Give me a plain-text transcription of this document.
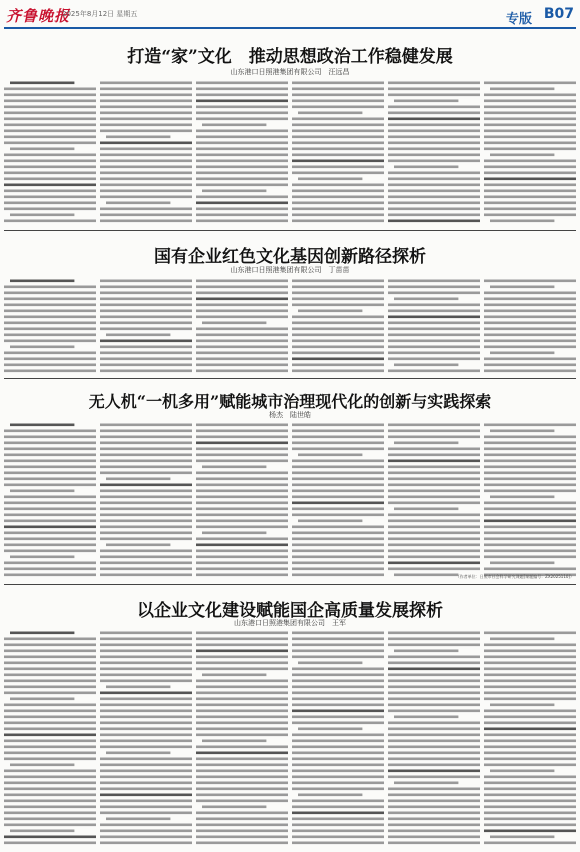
齐鲁晚报
2025年8月12日 星期五	专版 B07
打造“家”文化　推动思想政治工作稳健发展
山东港口日照港集团有限公司　汪远昌
国有企业红色文化基因创新路径探析
山东港口日照港集团有限公司　丁苗苗
无人机“一机多用”赋能城市治理现代化的创新与实践探索
杨杰　陆世皓
（作者单位：日照市社会科学研究课题[课题编号：ZX2025110]）
以企业文化建设赋能国企高质量发展探析
山东港口日照港集团有限公司　王军
